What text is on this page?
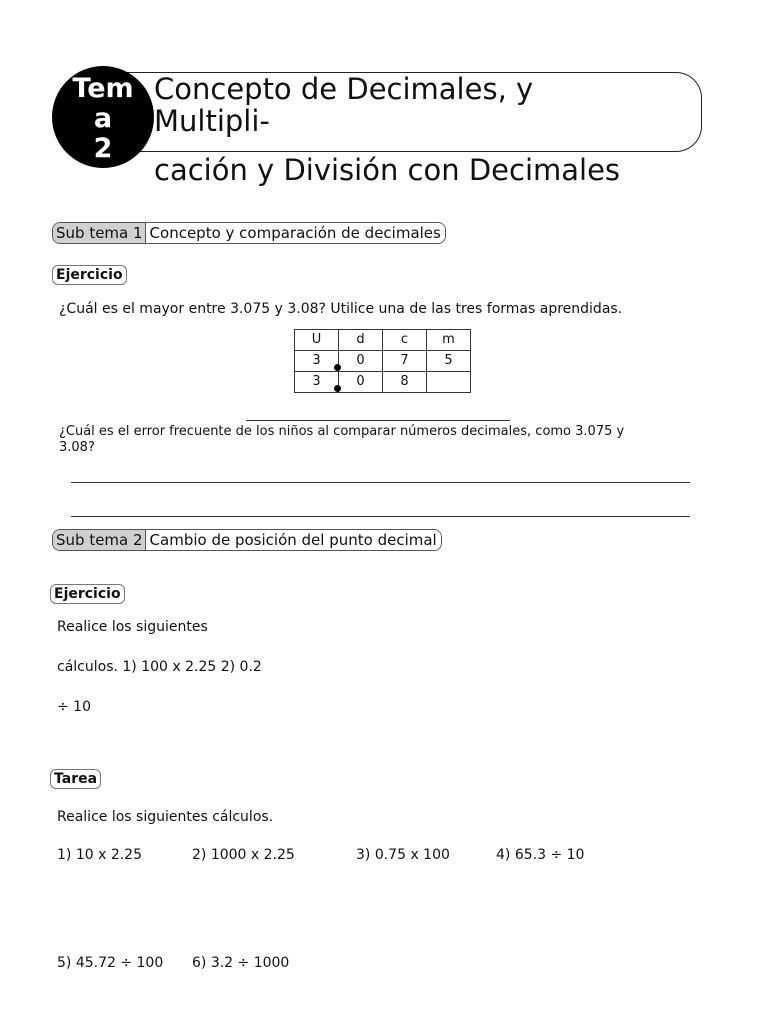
Tem
a
2
Concepto de Decimales, y
Multipli-
cación y División con Decimales
Sub tema 1 Concepto y comparación de decimales
Ejercicio
¿Cuál es el mayor entre 3.075 y 3.08? Utilice una de las tres formas aprendidas.
U	d	c	m
3	0	7	5
3	0	8	
¿Cuál es el error frecuente de los niños al comparar números decimales, como 3.075 y
3.08?
Sub tema 2 Cambio de posición del punto decimal
Ejercicio
Realice los siguientes
cálculos. 1) 100 x 2.25 2) 0.2
÷ 10
Tarea
Realice los siguientes cálculos.
1) 10 x 2.25	2) 1000 x 2.25	3) 0.75 x 100	4) 65.3 ÷ 10
5) 45.72 ÷ 100 6) 3.2 ÷ 1000
